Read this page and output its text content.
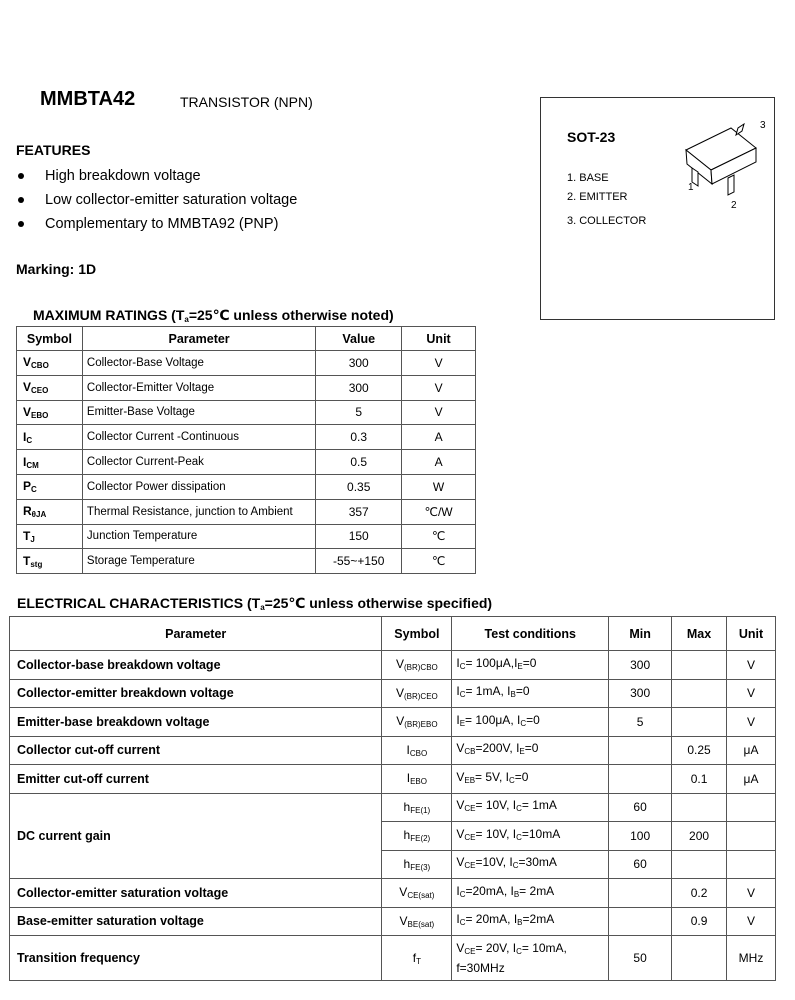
MMBTA42	TRANSISTOR (NPN)
FEATURES
High breakdown voltage
Low collector-emitter saturation voltage
Complementary to MMBTA92 (PNP)
Marking: 1D
SOT-23
1. BASE
2. EMITTER
3. COLLECTOR
3
1
2
MAXIMUM RATINGS ($T_a=25℃$ unless otherwise noted)
Symbol	Parameter	Value	Unit
$V_{CBO}$	Collector-Base Voltage	300	V
$V_{CEO}$	Collector-Emitter Voltage	300	V
$V_{EBO}$	Emitter-Base Voltage	5	V
$I_C$	Collector Current -Continuous	0.3	A
$I_{CM}$	Collector Current-Peak	0.5	A
$P_C$	Collector Power dissipation	0.35	W
$R_{\theta JA}$	Thermal Resistance, junction to Ambient	357	℃/W
$T_J$	Junction Temperature	150	℃
$T_{stg}$	Storage Temperature	-55~+150	℃
ELECTRICAL CHARACTERISTICS ($T_a=25℃$ unless otherwise specified)
Parameter	Symbol	Test conditions	Min	Max	Unit
Collector-base breakdown voltage	$V_{(BR)CBO}$	$I_C= 100\mu A,I_E=0$	300		V
Collector-emitter breakdown voltage	$V_{(BR)CEO}$	$I_C= 1mA$, $I_B=0$	300		V
Emitter-base breakdown voltage	$V_{(BR)EBO}$	$I_E= 100\mu A$, $I_C=0$	5		V
Collector cut-off current	$I_{CBO}$	$V_{CB}=200V$, $I_E=0$		0.25	μA
Emitter cut-off current	$I_{EBO}$	$V_{EB}= 5V$, $I_C=0$		0.1	μA
DC current gain	$h_{FE(1)}$	$V_{CE}= 10V$, $I_C= 1mA$	60		
	$h_{FE(2)}$	$V_{CE}= 10V$, $I_C=10mA$	100	200	
	$h_{FE(3)}$	$V_{CE}=10V$, $I_C=30mA$	60		
Collector-emitter saturation voltage	$V_{CE(sat)}$	$I_C=20mA$, $I_B= 2mA$		0.2	V
Base-emitter saturation voltage	$V_{BE(sat)}$	$I_C= 20mA$, $I_B=2mA$		0.9	V
Transition frequency	$f_T$	$V_{CE}= 20V$, $I_C= 10mA$,
f=30MHz	50		MHz
